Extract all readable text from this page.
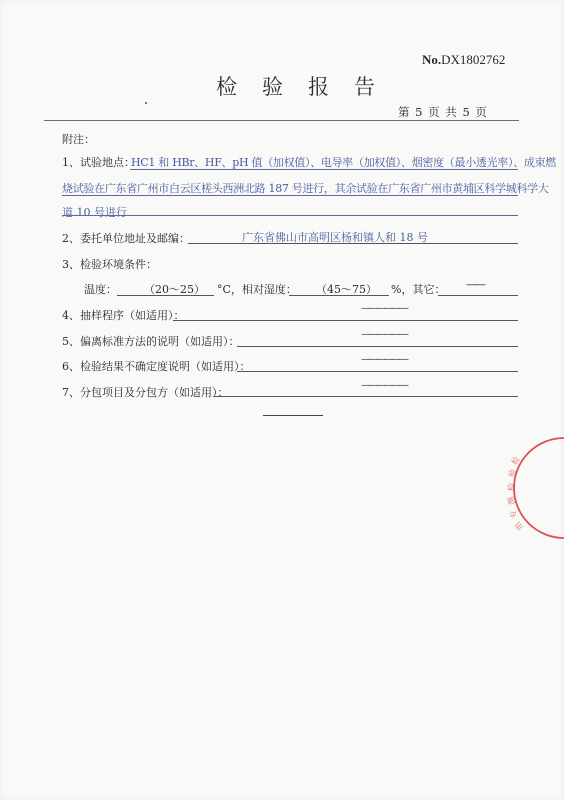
No.DX1802762
检验报告
第 5 页 共 5 页
附注：
1、试验地点：
HC1 和 HBr、HF、pH 值（加权值）、电导率（加权值）、烟密度（最小透光率）、成束燃
烧试验在广东省广州市白云区槎头西洲北路 187 号进行，其余试验在广东省广州市黄埔区科学城科学大
道 10 号进行
2、委托单位地址及邮编：	广东省佛山市高明区杨和镇人和 18 号
3、检验环境条件：
温度： （20～25） °C，相对湿度： （45～75） %，其它： ——
4、抽样程序（如适用）：
——————
5、偏离标准方法的说明（如适用）：
——————
6、检验结果不确定度说明（如适用）：
——————
7、分包项目及分包方（如适用）：
——————
检
验
检
测
专
用
